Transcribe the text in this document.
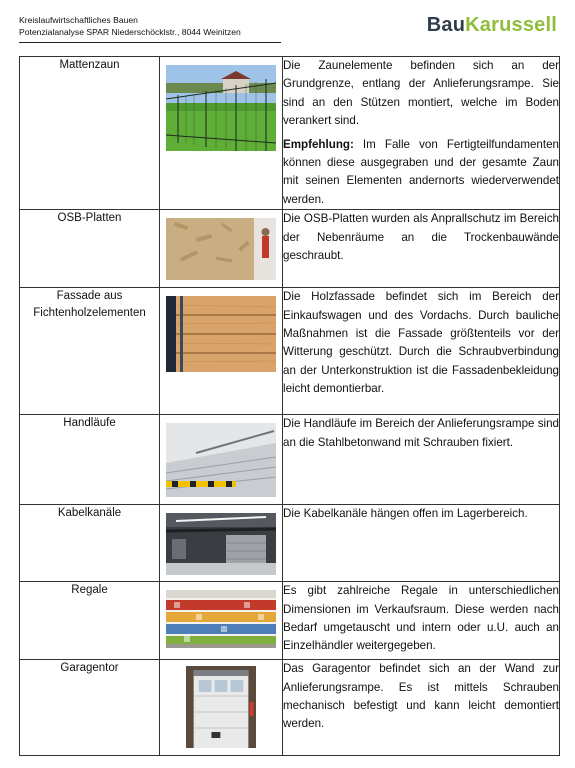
Kreislaufwirtschaftliches Bauen
Potenzialanalyse SPAR Niederschöcklstr., 8044 Weinitzen	BauKarussell
Mattenzaun		Die Zaunelemente befinden sich an der Grundgrenze, entlang der Anlieferungsrampe. Sie sind an den Stützen montiert, welche im Boden verankert sind.

Empfehlung: Im Falle von Fertigteilfundamenten können diese ausgegraben und der gesamte Zaun mit seinen Elementen andernorts wiederverwendet werden.

OSB-Platten		Die OSB-Platten wurden als Anprallschutz im Bereich der Nebenräume an die Trockenbauwände geschraubt.

Fassade aus Fichtenholzelementen		Die Holzfassade befindet sich im Bereich der Einkaufswagen und des Vordachs. Durch bauliche Maßnahmen ist die Fassade größtenteils vor der Witterung geschützt. Durch die Schraubverbindung an der Unterkonstruktion ist die Fassadenbekleidung leicht demontierbar.

Handläufe		Die Handläufe im Bereich der Anlieferungsrampe sind an die Stahlbetonwand mit Schrauben fixiert.

Kabelkanäle		Die Kabelkanäle hängen offen im Lagerbereich.

Regale		Es gibt zahlreiche Regale in unterschiedlichen Dimensionen im Verkaufsraum. Diese werden nach Bedarf umgetauscht und intern oder u.U. auch an Einzelhändler weitergegeben.

Garagentor		Das Garagentor befindet sich an der Wand zur Anlieferungsrampe. Es ist mittels Schrauben mechanisch befestigt und kann leicht demontiert werden.
